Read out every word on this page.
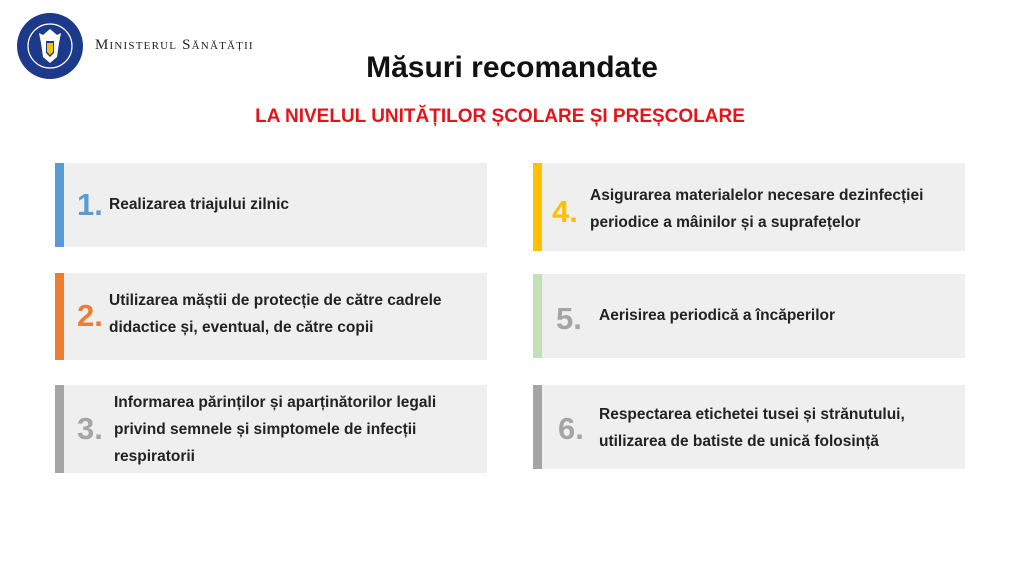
Ministerul Sănătății
Măsuri recomandate
LA NIVELUL UNITĂȚILOR ȘCOLARE ȘI PREȘCOLARE
1. Realizarea triajului zilnic
2. Utilizarea măștii de protecție de către cadrele didactice și, eventual, de către copii
3.
Informarea părinților și aparținătorilor legali privind semnele și simptomele de infecții respiratorii
4. Asigurarea materialelor necesare dezinfecției periodice a mâinilor și a suprafețelor
5. Aerisirea periodică a încăperilor
6. Respectarea etichetei tusei și strănutului, utilizarea de batiste de unică folosință
